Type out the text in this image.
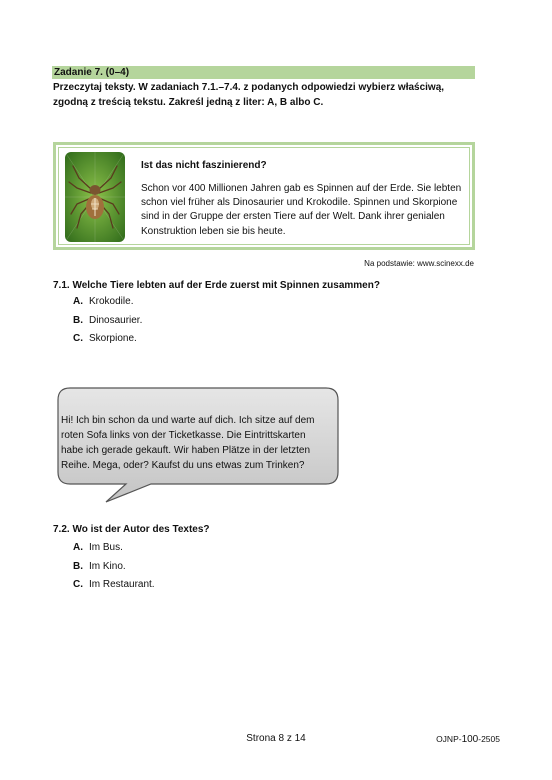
Zadanie 7. (0–4)
Przeczytaj teksty. W zadaniach 7.1.–7.4. z podanych odpowiedzi wybierz właściwą,
zgodną z treścią tekstu. Zakreśl jedną z liter: A, B albo C.
Ist das nicht faszinierend?
Schon vor 400 Millionen Jahren gab es Spinnen auf der Erde. Sie lebten
schon viel früher als Dinosaurier und Krokodile. Spinnen und Skorpione
sind in der Gruppe der ersten Tiere auf der Welt. Dank ihrer genialen
Konstruktion leben sie bis heute.
Na podstawie: www.scinexx.de
7.1. Welche Tiere lebten auf der Erde zuerst mit Spinnen zusammen?
A. Krokodile.
B. Dinosaurier.
C. Skorpione.
Hi! Ich bin schon da und warte auf dich. Ich sitze auf dem
roten Sofa links von der Ticketkasse. Die Eintrittskarten
habe ich gerade gekauft. Wir haben Plätze in der letzten
Reihe. Mega, oder? Kaufst du uns etwas zum Trinken?
7.2. Wo ist der Autor des Textes?
A. Im Bus.
B. Im Kino.
C. Im Restaurant.
Strona 8 z 14	OJNP-100-2505
